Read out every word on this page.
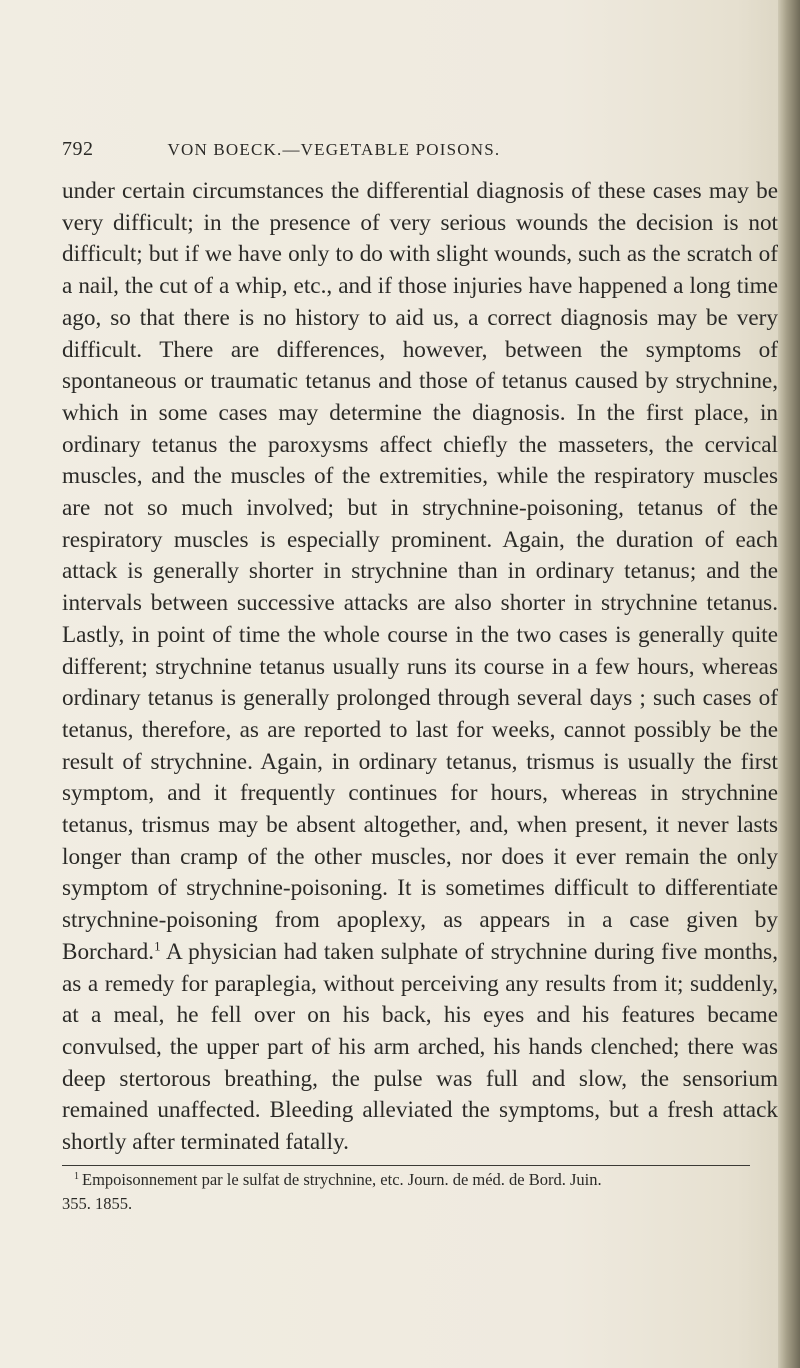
792	VON BOECK.—VEGETABLE POISONS.

under certain circumstances the differential diagnosis of these cases may be very difficult; in the presence of very serious wounds the decision is not difficult; but if we have only to do with slight wounds, such as the scratch of a nail, the cut of a whip, etc., and if those injuries have happened a long time ago, so that there is no history to aid us, a correct diagnosis may be very difficult. There are differences, however, between the symptoms of spontaneous or traumatic tetanus and those of tetanus caused by strychnine, which in some cases may determine the diagnosis. In the first place, in ordinary tetanus the paroxysms affect chiefly the masseters, the cervical muscles, and the muscles of the extremities, while the respiratory muscles are not so much involved; but in strychnine-poisoning, tetanus of the respiratory muscles is especially prominent. Again, the duration of each attack is generally shorter in strychnine than in ordinary tetanus; and the intervals between successive attacks are also shorter in strychnine tetanus. Lastly, in point of time the whole course in the two cases is generally quite different; strychnine tetanus usually runs its course in a few hours, whereas ordinary tetanus is generally prolonged through several days ; such cases of tetanus, therefore, as are reported to last for weeks, cannot possibly be the result of strychnine. Again, in ordinary tetanus, trismus is usually the first symptom, and it frequently continues for hours, whereas in strychnine tetanus, trismus may be absent altogether, and, when present, it never lasts longer than cramp of the other muscles, nor does it ever remain the only symptom of strychnine-poisoning. It is sometimes difficult to differentiate strychnine-poisoning from apoplexy, as appears in a case given by Borchard.$^1$ A physician had taken sulphate of strychnine during five months, as a remedy for paraplegia, without perceiving any results from it; suddenly, at a meal, he fell over on his back, his eyes and his features became convulsed, the upper part of his arm arched, his hands clenched; there was deep stertorous breathing, the pulse was full and slow, the sensorium remained unaffected. Bleeding alleviated the symptoms, but a fresh attack shortly after terminated fatally.

$^1$ Empoisonnement par le sulfat de strychnine, etc. Journ. de méd. de Bord. Juin.
355. 1855.
